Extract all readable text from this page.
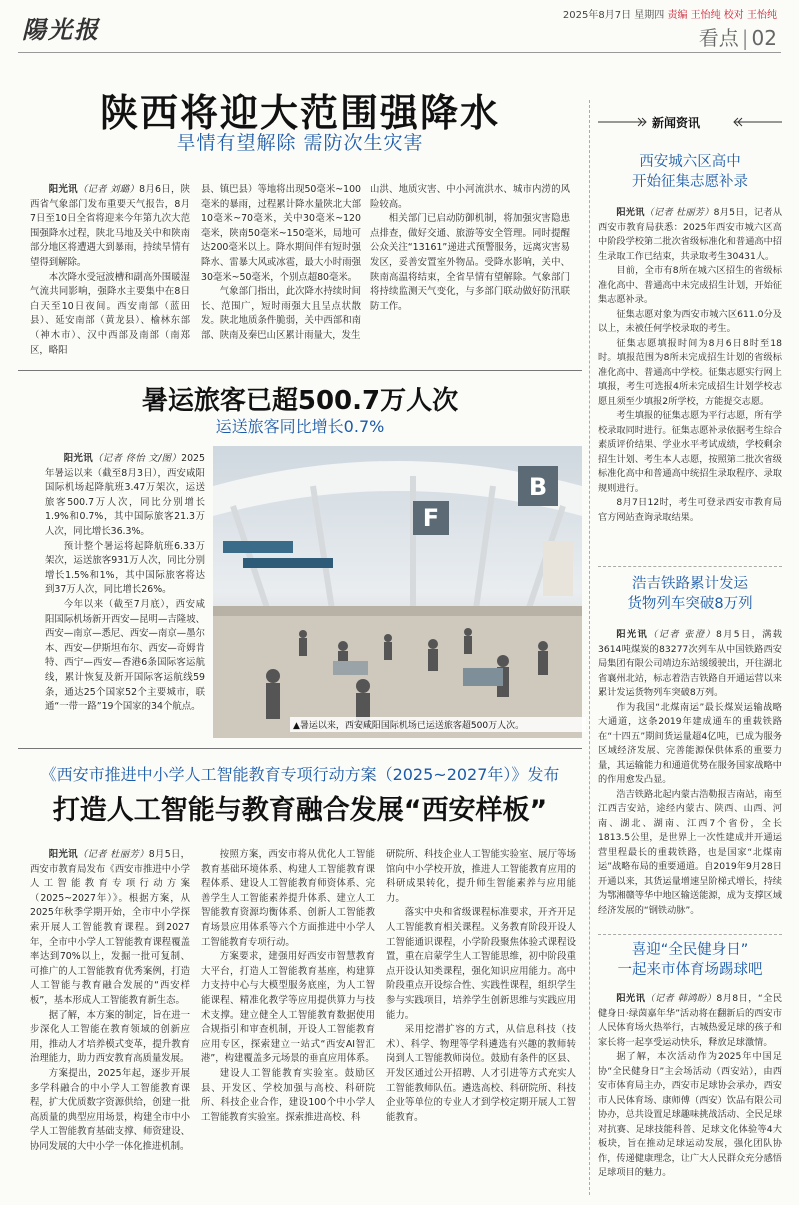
陽光报	2025年8月7日 星期四 责编 王怡纯 校对 王怡纯
看点 | 02
陕西将迎大范围强降水
旱情有望解除 需防次生灾害

阳光讯（记者 刘璐）8月6日，陕西省气象部门发布重要天气报告，8月7日至10日全省将迎来今年第九次大范围强降水过程，陕北马地及关中和陕南部分地区将遭遇大到暴雨，持续旱情有望得到解除。

本次降水受冠波槽和副高外围暖湿气流共同影响，强降水主要集中在8日白天至10日夜间。西安南部（蓝田县）、延安南部（黄龙县）、榆林东部（神木市）、汉中西部及南部（南郑区，略阳

县、镇巴县）等地将出现50毫米~100毫米的暴雨，过程累计降水量陕北大部10毫米~70毫米，关中30毫米~120毫米，陕南50毫米~150毫米，局地可达200毫米以上。降水期间伴有短时强降水、雷暴大风或冰雹，最大小时雨强30毫米~50毫米，个别点超80毫米。

气象部门指出，此次降水持续时间长、范围广，短时雨强大且呈点状散发。陕北地质条件脆弱，关中西部和南部、陕南及秦巴山区累计雨量大，发生

山洪、地质灾害、中小河流洪水、城市内涝的风险较高。

相关部门已启动防御机制，将加强灾害隐患点排查，做好交通、旅游等安全管理。同时提醒公众关注“13161”递进式预警服务，远离灾害易发区，妥善安置室外物品。受降水影响，关中、陕南高温将结束，全省旱情有望解除。气象部门将持续监测天气变化，与多部门联动做好防汛联防工作。

暑运旅客已超500.7万人次
运送旅客同比增长0.7%

阳光讯（记者 佟怡 文/图）2025年暑运以来（截至8月3日），西安咸阳国际机场起降航班3.47万架次，运送旅客500.7万人次，同比分别增长1.9%和0.7%，其中国际旅客21.3万人次，同比增长36.3%。

预计整个暑运将起降航班6.33万架次，运送旅客931万人次，同比分别增长1.5%和1%，其中国际旅客将达到37万人次，同比增长26%。

今年以来（截至7月底），西安咸阳国际机场新开西安—昆明—吉隆坡、西安—南京—悉尼、西安—南京—墨尔本、西安—伊斯坦布尔、西安—奇姆肯特、西宁—西安—香港6条国际客运航线，累计恢复及新开国际客运航线59条，通达25个国家52个主要城市，联通“一带一路”19个国家的34个航点。

F
B
▲暑运以来，西安咸阳国际机场已运送旅客超500万人次。
《西安市推进中小学人工智能教育专项行动方案（2025~2027年）》发布
打造人工智能与教育融合发展“西安样板”

阳光讯（记者 杜丽芳）8月5日，西安市教育局发布《西安市推进中小学人工智能教育专项行动方案（2025~2027年）》。根据方案，从2025年秋季学期开始，全市中小学探索开展人工智能教育课程。到2027年，全市中小学人工智能教育课程覆盖率达到70%以上，发掘一批可复制、可推广的人工智能教育优秀案例，打造人工智能与教育融合发展的“西安样板”，基本形成人工智能教育新生态。

据了解，本方案的制定，旨在进一步深化人工智能在教育领域的创新应用，推动人才培养模式变革，提升教育治理能力，助力西安教育高质量发展。

方案提出，2025年起，逐步开展多学科融合的中小学人工智能教育课程，扩大优质数字资源供给，创建一批高质量的典型应用场景，构建全市中小学人工智能教育基础支撑、师资建设、协同发展的大中小学一体化推进机制。

按照方案，西安市将从优化人工智能教育基础环境体系、构建人工智能教育课程体系、建设人工智能教育师资体系、完善学生人工智能素养提升体系、建立人工智能教育资源均衡体系、创新人工智能教育场景应用体系等六个方面推进中小学人工智能教育专项行动。

方案要求，建强用好西安市智慧教育大平台，打造人工智能教育基座，构建算力支持中心与大模型服务底座，为人工智能课程、精准化教学等应用提供算力与技术支撑。建立健全人工智能教育数据使用合规指引和审查机制，开设人工智能教育应用专区，探索建立一站式“西安AI智汇港”，构建覆盖多元场景的垂直应用体系。

建设人工智能教育实验室。鼓励区县、开发区、学校加强与高校、科研院所、科技企业合作，建设100个中小学人工智能教育实验室。探索推进高校、科

研院所、科技企业人工智能实验室、展厅等场馆向中小学校开放，推进人工智能教育应用的科研成果转化，提升师生智能素养与应用能力。

落实中央和省级课程标准要求，开齐开足人工智能教育相关课程。义务教育阶段开设人工智能通识课程，小学阶段聚焦体验式课程设置，重在启蒙学生人工智能思维，初中阶段重点开设认知类课程，强化知识应用能力。高中阶段重点开设综合性、实践性课程，组织学生参与实践项目，培养学生创新思维与实践应用能力。

采用挖潜扩容的方式，从信息科技（技术）、科学、物理等学科遴选有兴趣的教师转岗到人工智能教师岗位。鼓励有条件的区县、开发区通过公开招聘、人才引进等方式充实人工智能教师队伍。遴选高校、科研院所、科技企业等单位的专业人才到学校定期开展人工智能教育。

新闻资讯
西安城六区高中
开始征集志愿补录

阳光讯（记者 杜丽芳）8月5日，记者从西安市教育局获悉：2025年西安市城六区高中阶段学校第二批次省级标准化和普通高中招生录取工作已结束，共录取考生30431人。

目前，全市有8所在城六区招生的省级标准化高中、普通高中未完成招生计划，开始征集志愿补录。

征集志愿对象为西安市城六区611.0分及以上，未被任何学校录取的考生。

征集志愿填报时间为8月6日8时至18时。填报范围为8所未完成招生计划的省级标准化高中、普通高中学校。征集志愿实行网上填报，考生可选报4所未完成招生计划学校志愿且须至少填报2所学校，方能提交志愿。

考生填报的征集志愿为平行志愿，所有学校录取同时进行。征集志愿补录依据考生综合素质评价结果、学业水平考试成绩，学校剩余招生计划、考生本人志愿，按照第二批次省级标准化高中和普通高中统招生录取程序、录取规则进行。

8月7日12时，考生可登录西安市教育局官方网站查询录取结果。

浩吉铁路累计发运
货物列车突破8万列

阳光讯（记者 张澄）8月5日，满载3614吨煤炭的83277次列车从中国铁路西安局集团有限公司靖边东站缓缓驶出，开往湖北省襄州北站，标志着浩吉铁路自开通运营以来累计发运货物列车突破8万列。

作为我国“北煤南运”最长煤炭运输战略大通道，这条2019年建成通车的重载铁路在“十四五”期间货运量超4亿吨，已成为服务区域经济发展、完善能源保供体系的重要力量，其运输能力和通道优势在服务国家战略中的作用愈发凸显。

浩吉铁路北起内蒙古浩勒报吉南站，南至江西吉安站，途经内蒙古、陕西、山西、河南、湖北、湖南、江西7个省份，全长1813.5公里，是世界上一次性建成并开通运营里程最长的重载铁路，也是国家“北煤南运”战略布局的重要通道。自2019年9月28日开通以来，其货运量增速呈阶梯式增长，持续为鄂湘赣等华中地区输送能源，成为支撑区域经济发展的“钢铁动脉”。

喜迎“全民健身日”
一起来市体育场踢球吧

阳光讯（记者 韩鸿盼）8月8日，“全民健身日·绿茵嘉年华”活动将在翻新后的西安市人民体育场火热举行，古城热爱足球的孩子和家长将一起享受运动快乐，释放足球激情。

据了解，本次活动作为2025年中国足协“全民健身日”主会场活动（西安站），由西安市体育局主办，西安市足球协会承办，西安市人民体育场、康师傅（西安）饮品有限公司协办，总共设置足球趣味挑战活动、全民足球对抗赛、足球技能科普、足球文化体验等4大板块，旨在推动足球运动发展，强化团队协作，传递健康理念，让广大人民群众充分感悟足球项目的魅力。
